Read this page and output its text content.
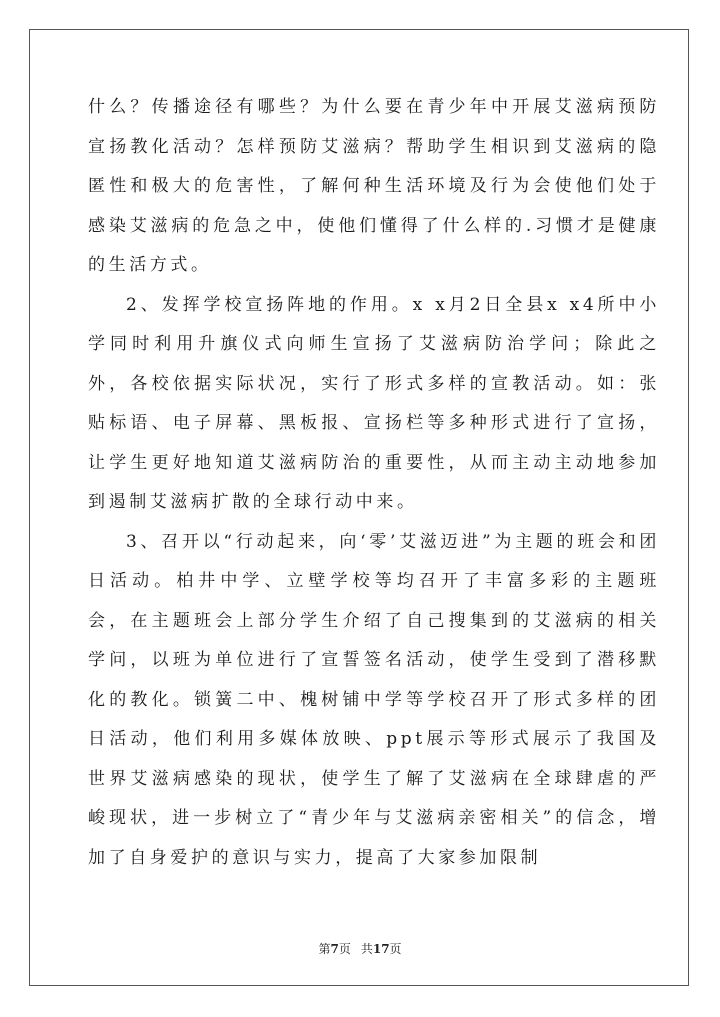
什么？传播途径有哪些？为什么要在青少年中开展艾滋病预防宣扬教化活动？怎样预防艾滋病？帮助学生相识到艾滋病的隐匿性和极大的危害性，了解何种生活环境及行为会使他们处于感染艾滋病的危急之中，使他们懂得了什么样的.习惯才是健康的生活方式。

2、发挥学校宣扬阵地的作用。x x月2日全县x x4所中小学同时利用升旗仪式向师生宣扬了艾滋病防治学问；除此之外，各校依据实际状况，实行了形式多样的宣教活动。如：张贴标语、电子屏幕、黑板报、宣扬栏等多种形式进行了宣扬，让学生更好地知道艾滋病防治的重要性，从而主动主动地参加到遏制艾滋病扩散的全球行动中来。

3、召开以“行动起来，向‘零’艾滋迈进”为主题的班会和团日活动。柏井中学、立壁学校等均召开了丰富多彩的主题班会，在主题班会上部分学生介绍了自己搜集到的艾滋病的相关学问，以班为单位进行了宣誓签名活动，使学生受到了潜移默化的教化。锁簧二中、槐树铺中学等学校召开了形式多样的团日活动，他们利用多媒体放映、ppt展示等形式展示了我国及世界艾滋病感染的现状，使学生了解了艾滋病在全球肆虐的严峻现状，进一步树立了“青少年与艾滋病亲密相关”的信念，增加了自身爱护的意识与实力，提高了大家参加限制

第7页 共17页
